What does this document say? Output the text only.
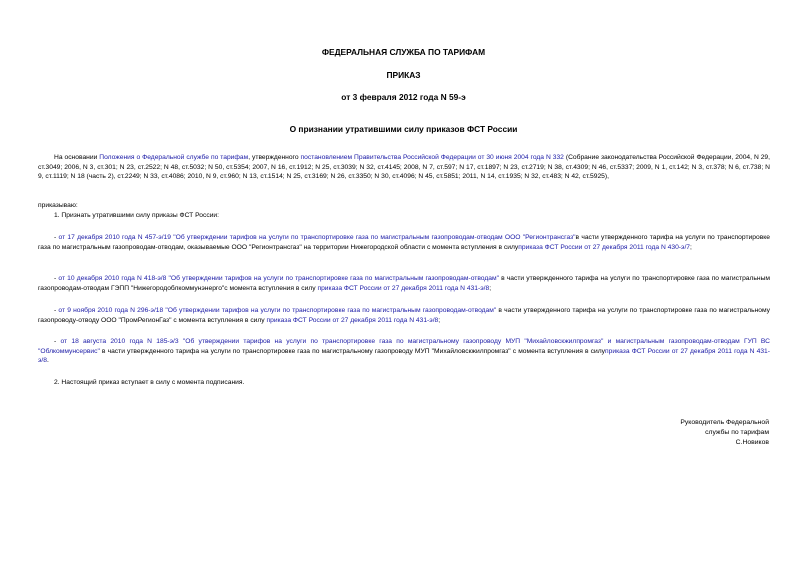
ФЕДЕРАЛЬНАЯ СЛУЖБА ПО ТАРИФАМ
ПРИКАЗ
от 3 февраля 2012 года N 59-э
О признании утратившими силу приказов ФСТ России
На основании Положения о Федеральной службе по тарифам, утвержденного постановлением Правительства Российской Федерации от 30 июня 2004 года N 332 (Собрание законодательства Российской Федерации, 2004, N 29, ст.3049; 2006, N 3, ст.301; N 23, ст.2522; N 48, ст.5032; N 50, ст.5354; 2007, N 16, ст.1912; N 25, ст.3039; N 32, ст.4145; 2008, N 7, ст.597; N 17, ст.1897; N 23, ст.2719; N 38, ст.4309; N 46, ст.5337; 2009, N 1, ст.142; N 3, ст.378; N 6, ст.738; N 9, ст.1119; N 18 (часть 2), ст.2249; N 33, ст.4086; 2010, N 9, ст.960; N 13, ст.1514; N 25, ст.3169; N 26, ст.3350; N 30, ст.4096; N 45, ст.5851; 2011, N 14, ст.1935; N 32, ст.483; N 42, ст.5925),
приказываю:
1. Признать утратившими силу приказы ФСТ России:
- от 17 декабря 2010 года N 457-э/19 "Об утверждении тарифов на услуги по транспортировке газа по магистральным газопроводам-отводам ООО "Регионтрансгаз"в части утвержденного тарифа на услуги по транспортировке газа по магистральным газопроводам-отводам, оказываемые ООО "Регионтрансгаз" на территории Нижегородской области с момента вступления в силуприказа ФСТ России от 27 декабря 2011 года N 430-э/7;
- от 10 декабря 2010 года N 418-э/8 "Об утверждении тарифов на услуги по транспортировке газа по магистральным газопроводам-отводам" в части утвержденного тарифа на услуги по транспортировке газа по магистральным газопроводам-отводам ГЭПП "Нижегородоблкоммунэнерго"с момента вступления в силу приказа ФСТ России от 27 декабря 2011 года N 431-э/8;
- от 9 ноября 2010 года N 296-э/18 "Об утверждении тарифов на услуги по транспортировке газа по магистральным газопроводам-отводам" в части утвержденного тарифа на услуги по транспортировке газа по магистральному газопроводу-отводу ООО "ПромРегионГаз" с момента вступления в силу приказа ФСТ России от 27 декабря 2011 года N 431-э/8;
- от 18 августа 2010 года N 185-э/3 "Об утверждении тарифов на услуги по транспортировке газа по магистральному газопроводу МУП "Михайловскжилпромгаз" и магистральным газопроводам-отводам ГУП ВС "Облкоммунсервис" в части утвержденного тарифа на услуги по транспортировке газа по магистральному газопроводу МУП "Михайловскжилпромгаз" с момента вступления в силуприказа ФСТ России от 27 декабря 2011 года N 431-э/8.
2. Настоящий приказ вступает в силу с момента подписания.
Руководитель Федеральной
службы по тарифам
С.Новиков
